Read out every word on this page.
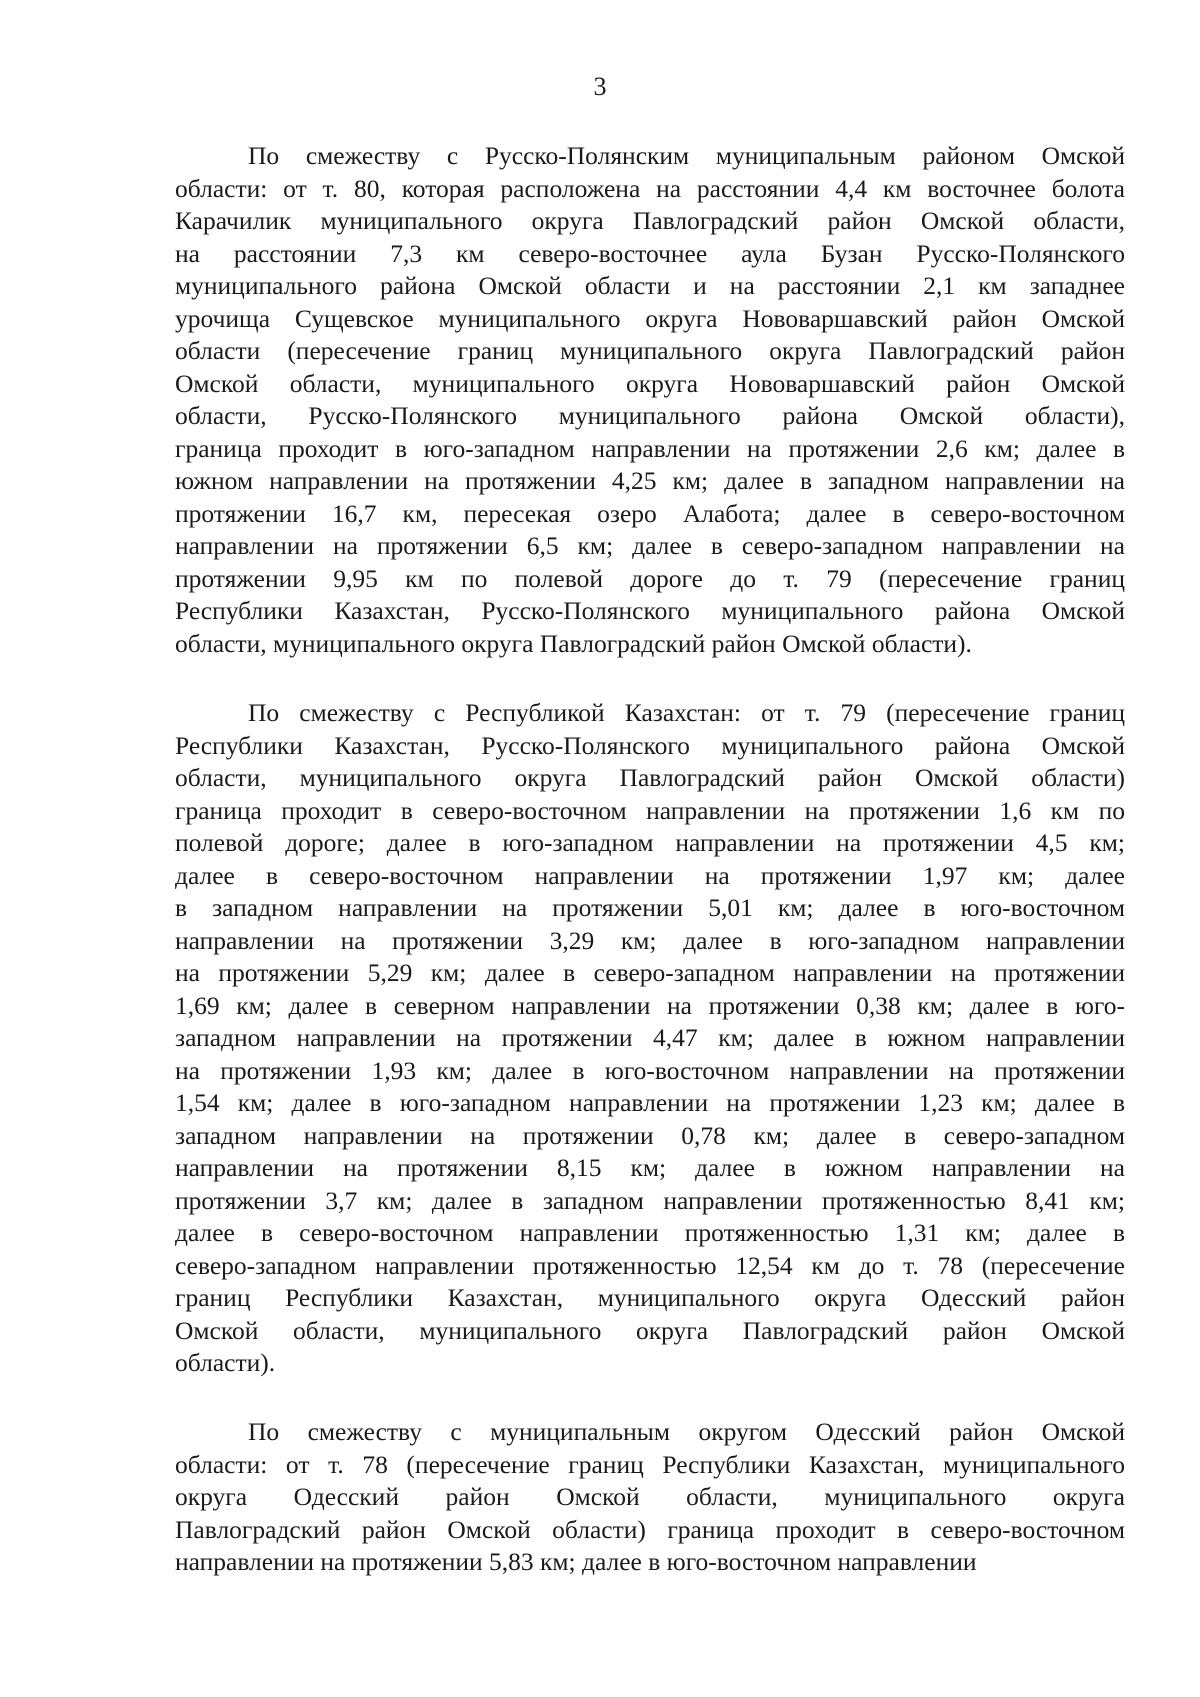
3
По смежеству с Русско-Полянским муниципальным районом Омской
области: от т. 80, которая расположена на расстоянии 4,4 км восточнее болота
Карачилик муниципального округа Павлоградский район Омской области,
на расстоянии 7,3 км северо-восточнее аула Бузан Русско-Полянского
муниципального района Омской области и на расстоянии 2,1 км западнее
урочища Сущевское муниципального округа Нововаршавский район Омской
области (пересечение границ муниципального округа Павлоградский район
Омской области, муниципального округа Нововаршавский район Омской
области, Русско-Полянского муниципального района Омской области),
граница проходит в юго-западном направлении на протяжении 2,6 км; далее в
южном направлении на протяжении 4,25 км; далее в западном направлении на
протяжении 16,7 км, пересекая озеро Алабота; далее в северо-восточном
направлении на протяжении 6,5 км; далее в северо-западном направлении на
протяжении 9,95 км по полевой дороге до т. 79 (пересечение границ
Республики Казахстан, Русско-Полянского муниципального района Омской
области, муниципального округа Павлоградский район Омской области).
По смежеству с Республикой Казахстан: от т. 79 (пересечение границ
Республики Казахстан, Русско-Полянского муниципального района Омской
области, муниципального округа Павлоградский район Омской области)
граница проходит в северо-восточном направлении на протяжении 1,6 км по
полевой дороге; далее в юго-западном направлении на протяжении 4,5 км;
далее в северо-восточном направлении на протяжении 1,97 км; далее
в западном направлении на протяжении 5,01 км; далее в юго-восточном
направлении на протяжении 3,29 км; далее в юго-западном направлении
на протяжении 5,29 км; далее в северо-западном направлении на протяжении
1,69 км; далее в северном направлении на протяжении 0,38 км; далее в юго-
западном направлении на протяжении 4,47 км; далее в южном направлении
на протяжении 1,93 км; далее в юго-восточном направлении на протяжении
1,54 км; далее в юго-западном направлении на протяжении 1,23 км; далее в
западном направлении на протяжении 0,78 км; далее в северо-западном
направлении на протяжении 8,15 км; далее в южном направлении на
протяжении 3,7 км; далее в западном направлении протяженностью 8,41 км;
далее в северо-восточном направлении протяженностью 1,31 км; далее в
северо-западном направлении протяженностью 12,54 км до т. 78 (пересечение
границ Республики Казахстан, муниципального округа Одесский район
Омской области, муниципального округа Павлоградский район Омской
области).
По смежеству с муниципальным округом Одесский район Омской
области: от т. 78 (пересечение границ Республики Казахстан, муниципального
округа Одесский район Омской области, муниципального округа
Павлоградский район Омской области) граница проходит в северо-восточном
направлении на протяжении 5,83 км; далее в юго-восточном направлении
